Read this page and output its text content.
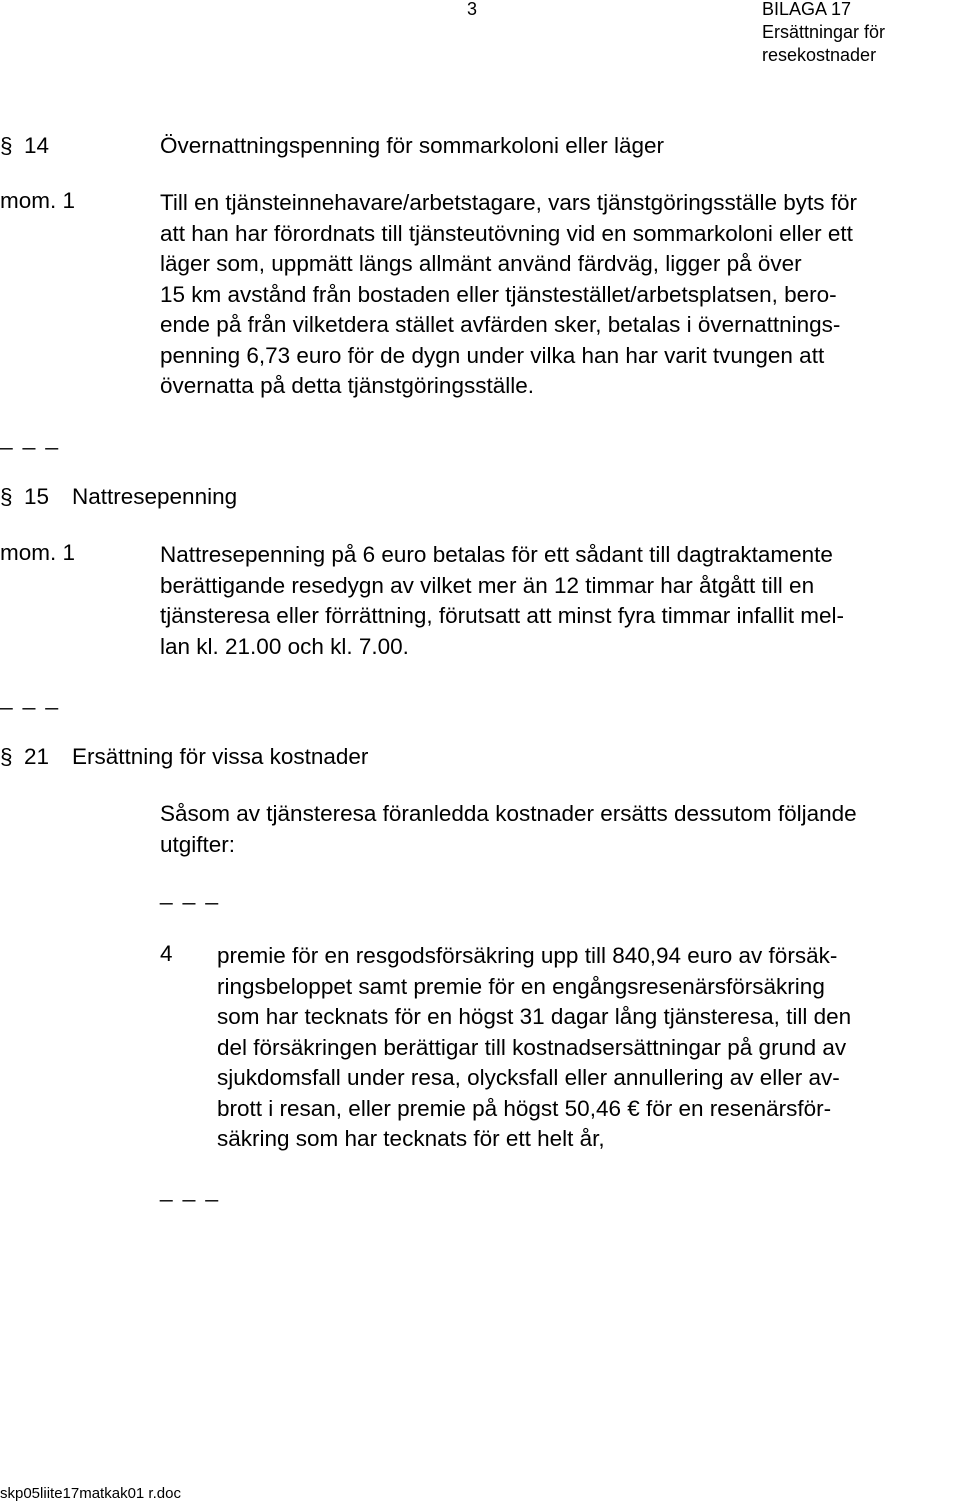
3	BILAGA 17
Ersättningar för
resekostnader
§ 14	Övernattningspenning för sommarkoloni eller läger
mom. 1	Till en tjänsteinnehavare/arbetstagare, vars tjänstgöringsställe byts för
att han har förordnats till tjänsteutövning vid en sommarkoloni eller ett
läger som, uppmätt längs allmänt använd färdväg, ligger på över
15 km avstånd från bostaden eller tjänstestället/arbetsplatsen, bero-
ende på från vilketdera stället avfärden sker, betalas i övernattnings-
penning 6,73 euro för de dygn under vilka han har varit tvungen att
övernatta på detta tjänstgöringsställe.
_ _ _
§ 15 Nattresepenning
mom. 1	Nattresepenning på 6 euro betalas för ett sådant till dagtraktamente
berättigande resedygn av vilket mer än 12 timmar har åtgått till en
tjänsteresa eller förrättning, förutsatt att minst fyra timmar infallit mel-
lan kl. 21.00 och kl. 7.00.
_ _ _
§ 21 Ersättning för vissa kostnader
Såsom av tjänsteresa föranledda kostnader ersätts dessutom följande
utgifter:
_ _ _
4 premie för en resgodsförsäkring upp till 840,94 euro av försäk-
ringsbeloppet samt premie för en engångsresenärsförsäkring
som har tecknats för en högst 31 dagar lång tjänsteresa, till den
del försäkringen berättigar till kostnadsersättningar på grund av
sjukdomsfall under resa, olycksfall eller annullering av eller av-
brott i resan, eller premie på högst 50,46 € för en resenärsför-
säkring som har tecknats för ett helt år,
_ _ _
skp05liite17matkak01 r.doc
